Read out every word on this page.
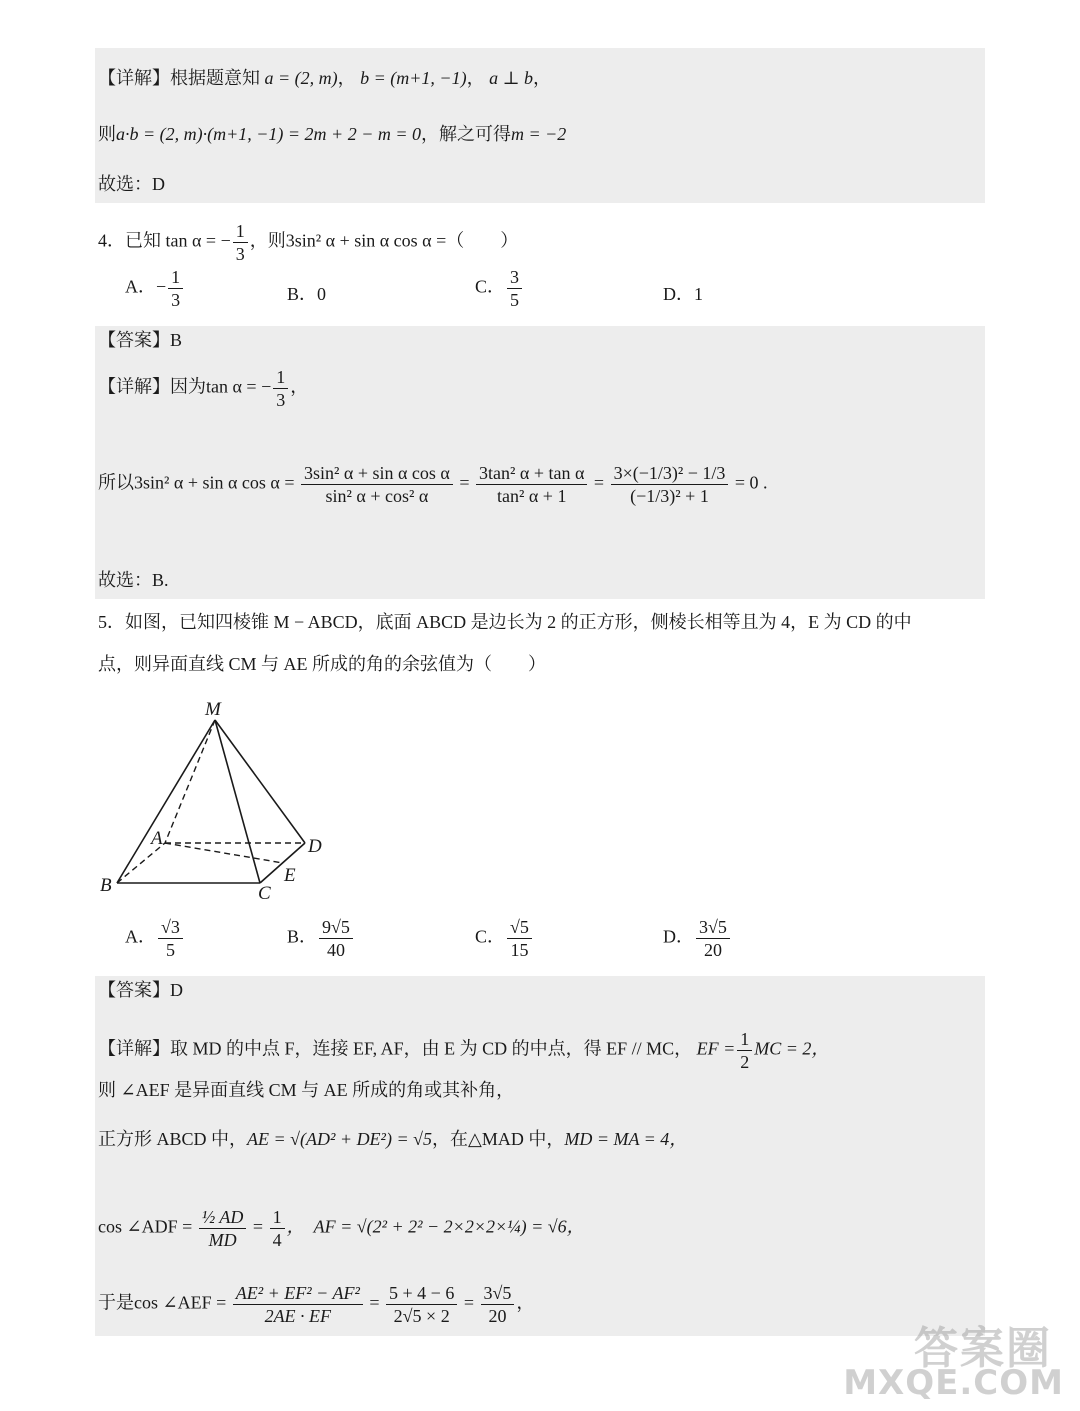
【详解】根据题意知 a = (2, m)， b = (m+1, −1)， a ⊥ b，
则a·b = (2, m)·(m+1, −1) = 2m + 2 − m = 0，解之可得m = −2
故选：D
4．已知 tan α = − $\frac{1}{3}$ ，则3sin² α + sin α cos α =（　　）
A．− $\frac{1}{3}$	B．0	C． $\frac{3}{5}$	D．1
【答案】B
【详解】因为tan α = − $\frac{1}{3}$ ，
所以3sin² α + sin α $\cos \alpha = \frac{\text{3sin² α + sin α cos α}}{\text{sin² α + cos² α}} = \frac{\text{3tan² α + tan α}}{\text{tan² α + 1}} = \frac{\text{3×(−1/3)² − 1/3}}{\text{(−1/3)² + 1}} = 0$ .
故选：B.
5．如图，已知四棱锥 M − ABCD，底面 ABCD 是边长为 2 的正方形，侧棱长相等且为 4，E 为 CD 的中
点，则异面直线 CM 与 AE 所成的角的余弦值为（　　）
M
A
B	C
D
E
A． $\frac{√3}{5}$	B． $\frac{9√5}{40}$	C． $\frac{√5}{15}$	D． $\frac{3√5}{20}$
【答案】D
【详解】取 MD 的中点 F，连接 EF, AF，由 E 为 CD 的中点，得 EF // MC， EF = $\frac{1}{2}$ MC = 2，
则 ∠AEF 是异面直线 CM 与 AE 所成的角或其补角，
正方形 ABCD 中，AE = √(AD² + DE²) = √5，在△MAD 中，MD = MA = 4，
cos ∠ADF = $\frac{\text{½ AD}}{MD} = \frac{1}{4}$ ，　AF = √(2² + 2² − 2×2×2×¼) = √6，
于是cos ∠AEF = $\frac{\text{AE² + EF² − AF²}}{2AE \cdot EF} = \frac{5 + 4 - 6}{2√5 \times 2} = \frac{3√5}{20}$ ，
答案圈
MXQE.COM
